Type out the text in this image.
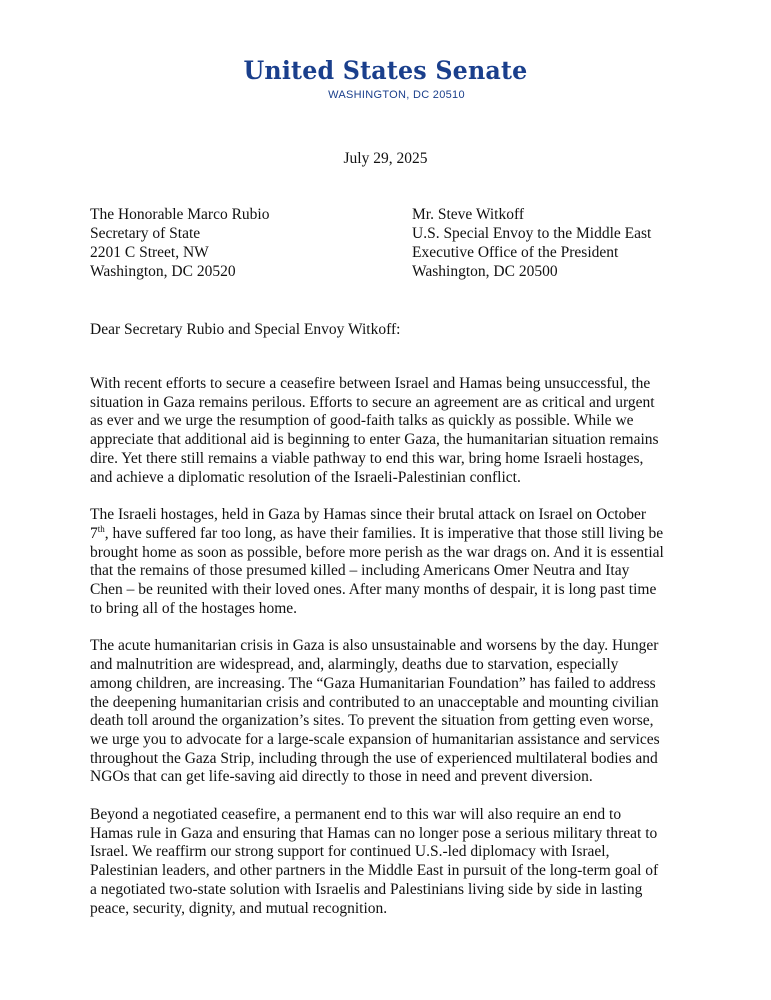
United States Senate
WASHINGTON, DC 20510
July 29, 2025
The Honorable Marco Rubio
Secretary of State
2201 C Street, NW
Washington, DC 20520
Mr. Steve Witkoff
U.S. Special Envoy to the Middle East
Executive Office of the President
Washington, DC 20500
Dear Secretary Rubio and Special Envoy Witkoff:

With recent efforts to secure a ceasefire between Israel and Hamas being unsuccessful, the situation in Gaza remains perilous. Efforts to secure an agreement are as critical and urgent as ever and we urge the resumption of good-faith talks as quickly as possible. While we appreciate that additional aid is beginning to enter Gaza, the humanitarian situation remains dire. Yet there still remains a viable pathway to end this war, bring home Israeli hostages, and achieve a diplomatic resolution of the Israeli-Palestinian conflict.

The Israeli hostages, held in Gaza by Hamas since their brutal attack on Israel on October 7th, have suffered far too long, as have their families. It is imperative that those still living be brought home as soon as possible, before more perish as the war drags on. And it is essential that the remains of those presumed killed – including Americans Omer Neutra and Itay Chen – be reunited with their loved ones. After many months of despair, it is long past time to bring all of the hostages home.

The acute humanitarian crisis in Gaza is also unsustainable and worsens by the day. Hunger and malnutrition are widespread, and, alarmingly, deaths due to starvation, especially among children, are increasing. The “Gaza Humanitarian Foundation” has failed to address the deepening humanitarian crisis and contributed to an unacceptable and mounting civilian death toll around the organization’s sites. To prevent the situation from getting even worse, we urge you to advocate for a large-scale expansion of humanitarian assistance and services throughout the Gaza Strip, including through the use of experienced multilateral bodies and NGOs that can get life-saving aid directly to those in need and prevent diversion.

Beyond a negotiated ceasefire, a permanent end to this war will also require an end to Hamas rule in Gaza and ensuring that Hamas can no longer pose a serious military threat to Israel. We reaffirm our strong support for continued U.S.-led diplomacy with Israel, Palestinian leaders, and other partners in the Middle East in pursuit of the long-term goal of a negotiated two-state solution with Israelis and Palestinians living side by side in lasting peace, security, dignity, and mutual recognition.
